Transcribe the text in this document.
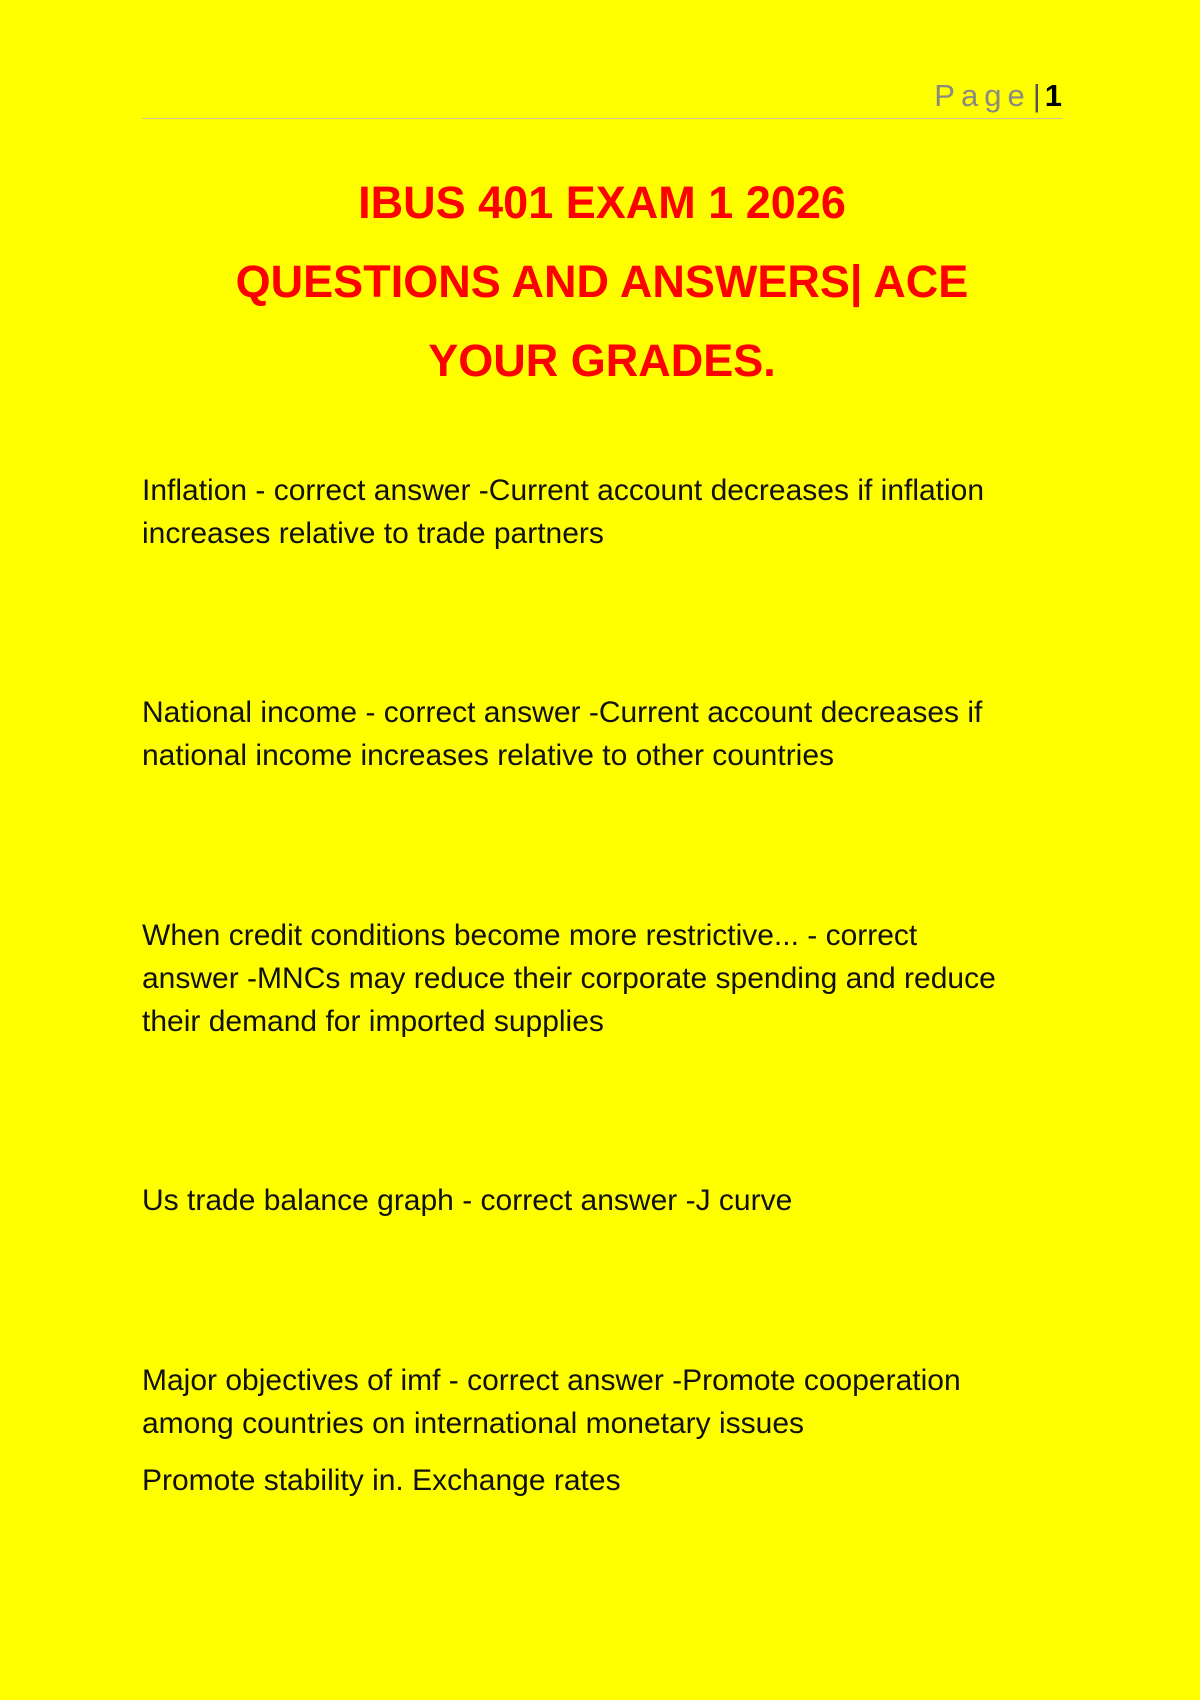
Page| 1
IBUS 401 EXAM 1 2026
QUESTIONS AND ANSWERS| ACE
YOUR GRADES.

Inflation - correct answer -Current account decreases if inflation
increases relative to trade partners

National income - correct answer -Current account decreases if
national income increases relative to other countries

When credit conditions become more restrictive... - correct
answer -MNCs may reduce their corporate spending and reduce
their demand for imported supplies

Us trade balance graph - correct answer -J curve

Major objectives of imf - correct answer -Promote cooperation
among countries on international monetary issues

Promote stability in. Exchange rates
